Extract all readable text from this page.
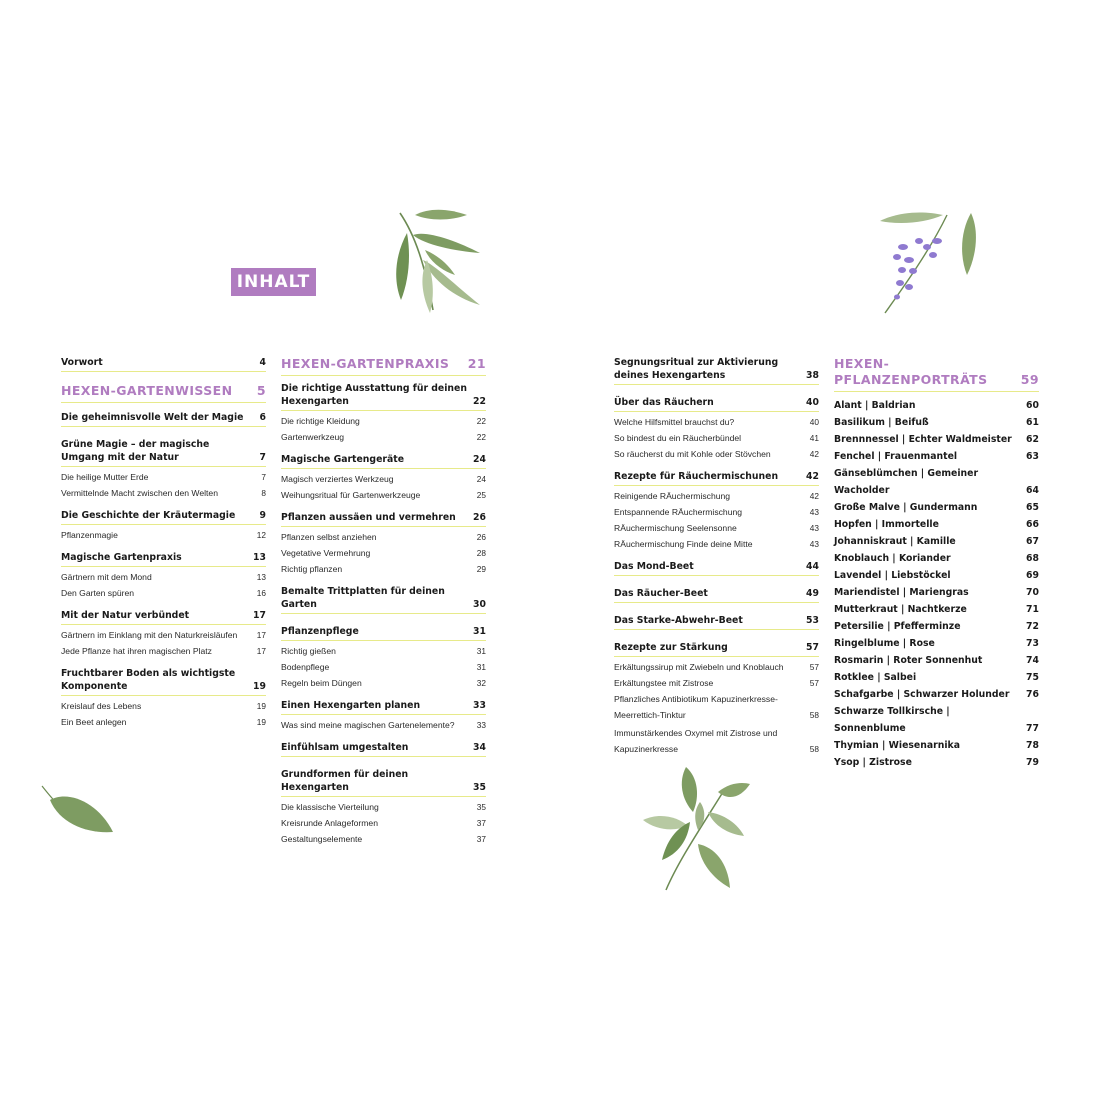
INHALT
Vorwort	4
HEXEN-GARTENWISSEN	5
Die geheimnisvolle Welt der Magie	6
Grüne Magie – der magische Umgang mit der Natur	7
Die heilige Mutter Erde	7
Vermittelnde Macht zwischen den Welten	8
Die Geschichte der Kräutermagie	9
Pflanzenmagie	12
Magische Gartenpraxis	13
Gärtnern mit dem Mond	13
Den Garten spüren	16
Mit der Natur verbündet	17
Gärtnern im Einklang mit den Naturkreisläufen	17
Jede Pflanze hat ihren magischen Platz	17
Fruchtbarer Boden als wichtigste Komponente	19
Kreislauf des Lebens	19
Ein Beet anlegen	19
HEXEN-GARTENPRAXIS	21
Die richtige Ausstattung für deinen Hexengarten	22
Die richtige Kleidung	22
Gartenwerkzeug	22
Magische Gartengeräte	24
Magisch verziertes Werkzeug	24
Weihungsritual für Gartenwerkzeuge	25
Pflanzen aussäen und vermehren	26
Pflanzen selbst anziehen	26
Vegetative Vermehrung	28
Richtig pflanzen	29
Bemalte Trittplatten für deinen Garten	30
Pflanzenpflege	31
Richtig gießen	31
Bodenpflege	31
Regeln beim Düngen	32
Einen Hexengarten planen	33
Was sind meine magischen Gartenelemente?	33
Einfühlsam umgestalten	34
Grundformen für deinen Hexengarten	35
Die klassische Vierteilung	35
Kreisrunde Anlageformen	37
Gestaltungselemente	37
Segnungsritual zur Aktivierung deines Hexengartens	38
Über das Räuchern	40
Welche Hilfsmittel brauchst du?	40
So bindest du ein Räucherbündel	41
So räucherst du mit Kohle oder Stövchen	42
Rezepte für Räuchermischunen	42
Reinigende RÄuchermischung	42
Entspannende RÄuchermischung	43
RÄuchermischung Seelensonne	43
RÄuchermischung Finde deine Mitte	43
Das Mond-Beet	44
Das Räucher-Beet	49
Das Starke-Abwehr-Beet	53
Rezepte zur Stärkung	57
Erkältungssirup mit Zwiebeln und Knoblauch	57
Erkältungstee mit Zistrose	57
Pflanzliches Antibiotikum Kapuzinerkresse-Meerrettich-Tinktur	58
Immunstärkendes Oxymel mit Zistrose und Kapuzinerkresse	58
HEXEN-PFLANZENPORTRÄTS	59
Alant | Baldrian	60
Basilikum | Beifuß	61
Brennnessel | Echter Waldmeister	62
Fenchel | Frauenmantel	63
Gänseblümchen | Gemeiner Wacholder	64
Große Malve | Gundermann	65
Hopfen | Immortelle	66
Johanniskraut | Kamille	67
Knoblauch | Koriander	68
Lavendel | Liebstöckel	69
Mariendistel | Mariengras	70
Mutterkraut | Nachtkerze	71
Petersilie | Pfefferminze	72
Ringelblume | Rose	73
Rosmarin | Roter Sonnenhut	74
Rotklee | Salbei	75
Schafgarbe | Schwarzer Holunder	76
Schwarze Tollkirsche | Sonnenblume	77
Thymian | Wiesenarnika	78
Ysop | Zistrose	79
